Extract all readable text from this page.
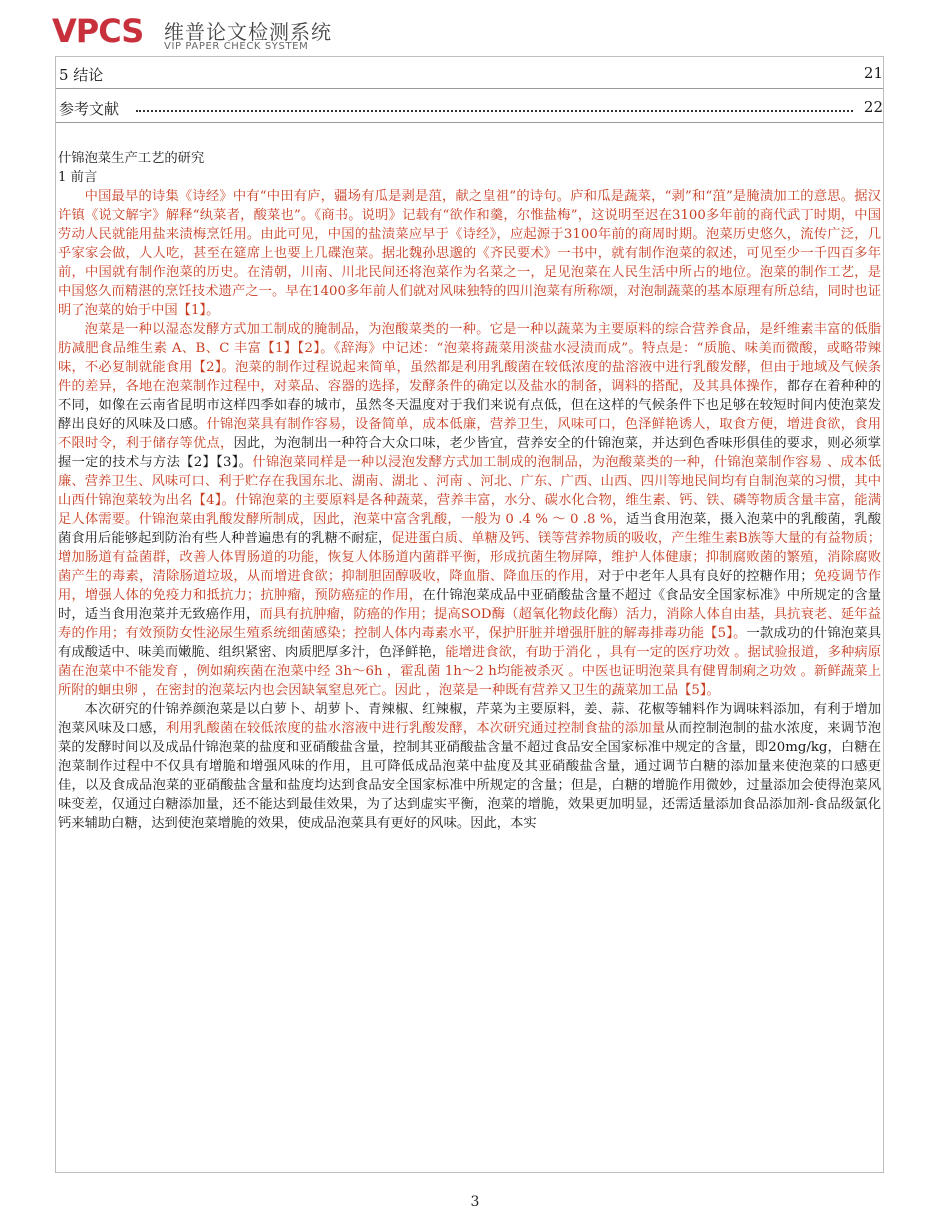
VPCS 维普论文检测系统
VIP PAPER CHECK SYSTEM
5 结论	21
参考文献	22

什锦泡菜生产工艺的研究

1 前言

中国最早的诗集《诗经》中有“中田有庐，疆场有瓜是剥是菹，献之皇祖”的诗句。庐和瓜是蔬菜，“剥”和“菹”是腌渍加工的意思。据汉许镇《说文解字》解释“纨菜者，酸菜也”。《商书。说明》记载有“欲作和羹，尔惟盐梅”，这说明至迟在3100多年前的商代武丁时期，中国劳动人民就能用盐来渍梅烹饪用。由此可见，中国的盐渍菜应早于《诗经》，应起源于3100年前的商周时期。泡菜历史悠久，流传广泛，几乎家家会做，人人吃，甚至在筵席上也要上几碟泡菜。据北魏孙思邈的《齐民要术》一书中，就有制作泡菜的叙述，可见至少一千四百多年 前，中国就有制作泡菜的历史。在清朝，川南、川北民间还将泡菜作为名菜之一，足见泡菜在人民生活中所占的地位。泡菜的制作工艺，是中国悠久而精湛的烹饪技术遗产之一。早在1400多年前人们就对风味独特的四川泡菜有所称颂，对泡制蔬菜的基本原理有所总结，同时也证明了泡菜的始于中国【1】。

泡菜是一种以湿态发酵方式加工制成的腌制品，为泡酸菜类的一种。它是一种以蔬菜为主要原料的综合营养食品，是纤维素丰富的低脂肪减肥食品维生素 A、B、C 丰富【1】【2】。《辞海》中记述：“泡菜将蔬菜用淡盐水浸渍而成”。特点是：“质脆、味美而微酸，或略带辣味，不必复制就能食用【2】。泡菜的制作过程说起来简单，虽然都是利用乳酸菌在较低浓度的盐溶液中进行乳酸发酵，但由于地域及气候条件的差异，各地在泡菜制作过程中，对菜品、容器的选择，发酵条件的确定以及盐水的制备，调料的搭配，及其具体操作，都存在着种种的不同，如像在云南省昆明市这样四季如春的城市，虽然冬天温度对于我们来说有点低，但在这样的气候条件下也足够在较短时间内使泡菜发酵出良好的风味及口感。什锦泡菜具有制作容易，设备简单，成本低廉，营养卫生，风味可口，色泽鲜艳诱人，取食方便，增进食欲，食用不限时令，利于储存等优点，因此，为泡制出一种符合大众口味，老少皆宜，营养安全的什锦泡菜，并达到色香味形俱佳的要求，则必须掌握一定的技术与方法【2】【3】。什锦泡菜同样是一种以浸泡发酵方式加工制成的泡制品，为泡酸菜类的一种，什锦泡菜制作容易 、成本低廉、营养卫生、风味可口、利于贮存在我国东北、湖南、湖北 、河南 、河北、广东、广西、山西、四川等地民间均有自制泡菜的习惯，其中山西什锦泡菜较为出名【4】。什锦泡菜的主要原料是各种蔬菜，营养丰富，水分、碳水化合物，维生素、钙、铁、磷等物质含量丰富，能满足人体需要。什锦泡菜由乳酸发酵所制成，因此，泡菜中富含乳酸，一般为 0 .4 % ～ 0 .8 %，适当食用泡菜，摄入泡菜中的乳酸菌，乳酸菌食用后能够起到防治有些人种普遍患有的乳糖不耐症，促进蛋白质、单糖及钙、镁等营养物质的吸收，产生维生素B族等大量的有益物质；增加肠道有益菌群，改善人体胃肠道的功能，恢复人体肠道内菌群平衡，形成抗菌生物屏障，维护人体健康；抑制腐败菌的繁殖，消除腐败菌产生的毒素，清除肠道垃圾，从而增进食欲；抑制胆固醇吸收，降血脂、降血压的作用，对于中老年人具有良好的控糖作用；免疫调节作用，增强人体的免疫力和抵抗力；抗肿瘤，预防癌症的作用，在什锦泡菜成品中亚硝酸盐含量不超过《食品安全国家标准》中所规定的含量时，适当食用泡菜并无致癌作用，而具有抗肿瘤，防癌的作用；提高SOD酶（超氧化物歧化酶）活力，消除人体自由基，具抗衰老、延年益寿的作用；有效预防女性泌尿生殖系统细菌感染；控制人体内毒素水平，保护肝脏并增强肝脏的解毒排毒功能【5】。一款成功的什锦泡菜具有成酸适中、味美而嫩脆、组织紧密、肉质肥厚多汁，色泽鲜艳，能增进食欲，有助于消化 ，具有一定的医疗功效 。据试验报道，多种病原菌在泡菜中不能发育 ，例如痢疾菌在泡菜中经 3h～6h ，霍乱菌 1h～2 h均能被杀灭 。中医也证明泡菜具有健胃制痢之功效 。新鲜蔬菜上所附的蛔虫卵 ，在密封的泡菜坛内也会因缺氧窒息死亡。因此 ，泡菜是一种既有营养又卫生的蔬菜加工品【5】。

本次研究的什锦养颜泡菜是以白萝卜、胡萝卜、青辣椒、红辣椒，芹菜为主要原料，姜、蒜、花椒等辅料作为调味料添加，有利于增加泡菜风味及口感，利用乳酸菌在较低浓度的盐水溶液中进行乳酸发酵，本次研究通过控制食盐的添加量从而控制泡制的盐水浓度，来调节泡菜的发酵时间以及成品什锦泡菜的盐度和亚硝酸盐含量，控制其亚硝酸盐含量不超过食品安全国家标准中规定的含量，即20mg/kg，白糖在泡菜制作过程中不仅具有增脆和增强风味的作用，且可降低成品泡菜中盐度及其亚硝酸盐含量，通过调节白糖的添加量来使泡菜的口感更佳，以及食成品泡菜的亚硝酸盐含量和盐度均达到食品安全国家标准中所规定的含量；但是，白糖的增脆作用微妙，过量添加会使得泡菜风味变差，仅通过白糖添加量，还不能达到最佳效果，为了达到虚实平衡，泡菜的增脆，效果更加明显，还需适量添加食品添加剂-食品级氯化钙来辅助白糖，达到使泡菜增脆的效果，使成品泡菜具有更好的风味。因此，本实

3
